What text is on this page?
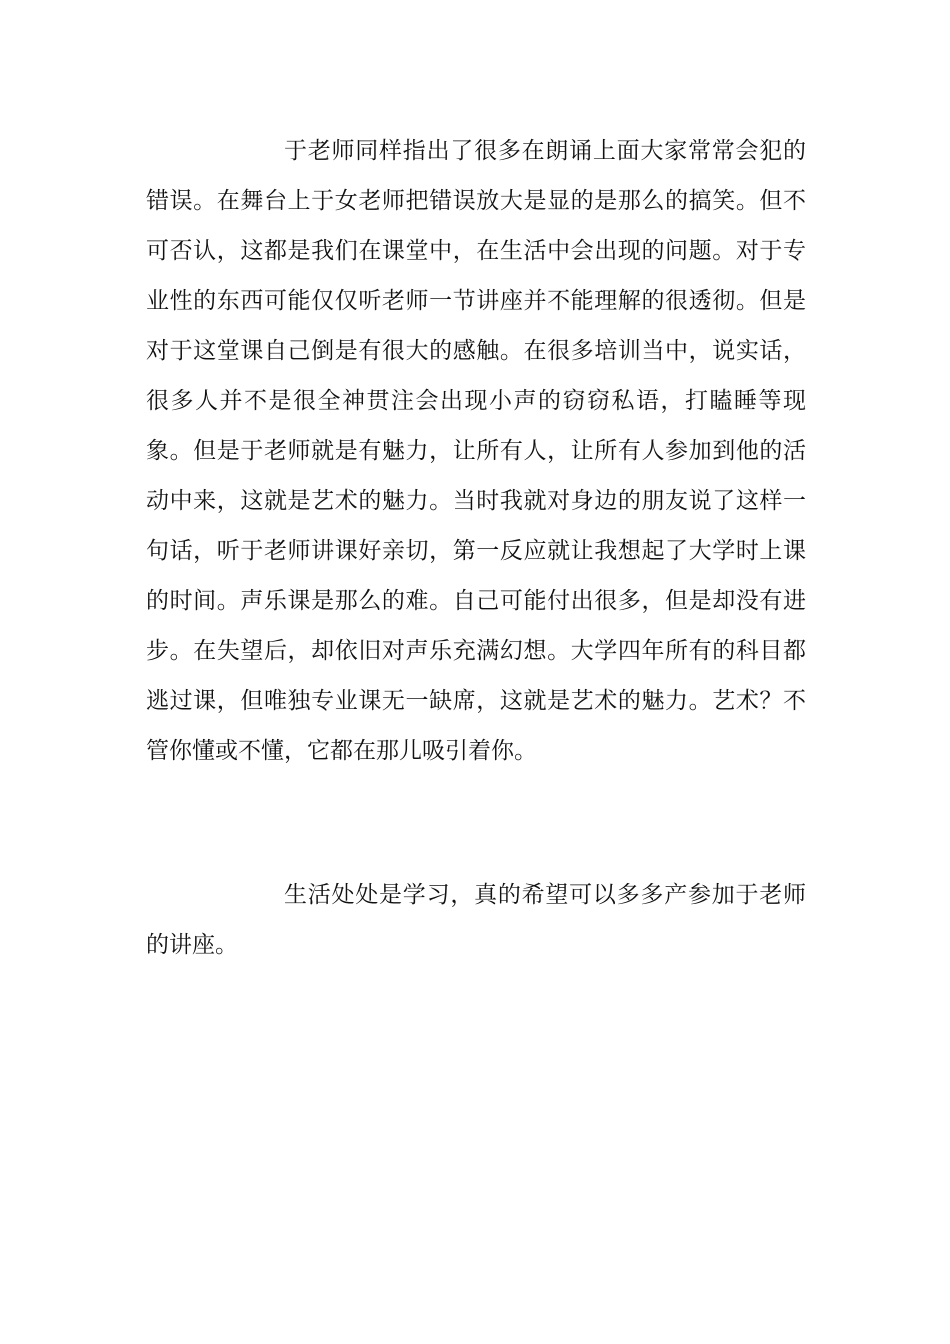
于老师同样指出了很多在朗诵上面大家常常会犯的错误。在舞台上于女老师把错误放大是显的是那么的搞笑。但不可否认，这都是我们在课堂中，在生活中会出现的问题。对于专业性的东西可能仅仅听老师一节讲座并不能理解的很透彻。但是对于这堂课自己倒是有很大的感触。在很多培训当中，说实话，很多人并不是很全神贯注会出现小声的窃窃私语，打瞌睡等现象。但是于老师就是有魅力，让所有人，让所有人参加到他的活动中来，这就是艺术的魅力。当时我就对身边的朋友说了这样一句话，听于老师讲课好亲切，第一反应就让我想起了大学时上课的时间。声乐课是那么的难。自己可能付出很多，但是却没有进步。在失望后，却依旧对声乐充满幻想。大学四年所有的科目都逃过课，但唯独专业课无一缺席，这就是艺术的魅力。艺术？不管你懂或不懂，它都在那儿吸引着你。

生活处处是学习，真的希望可以多多产参加于老师的讲座。
